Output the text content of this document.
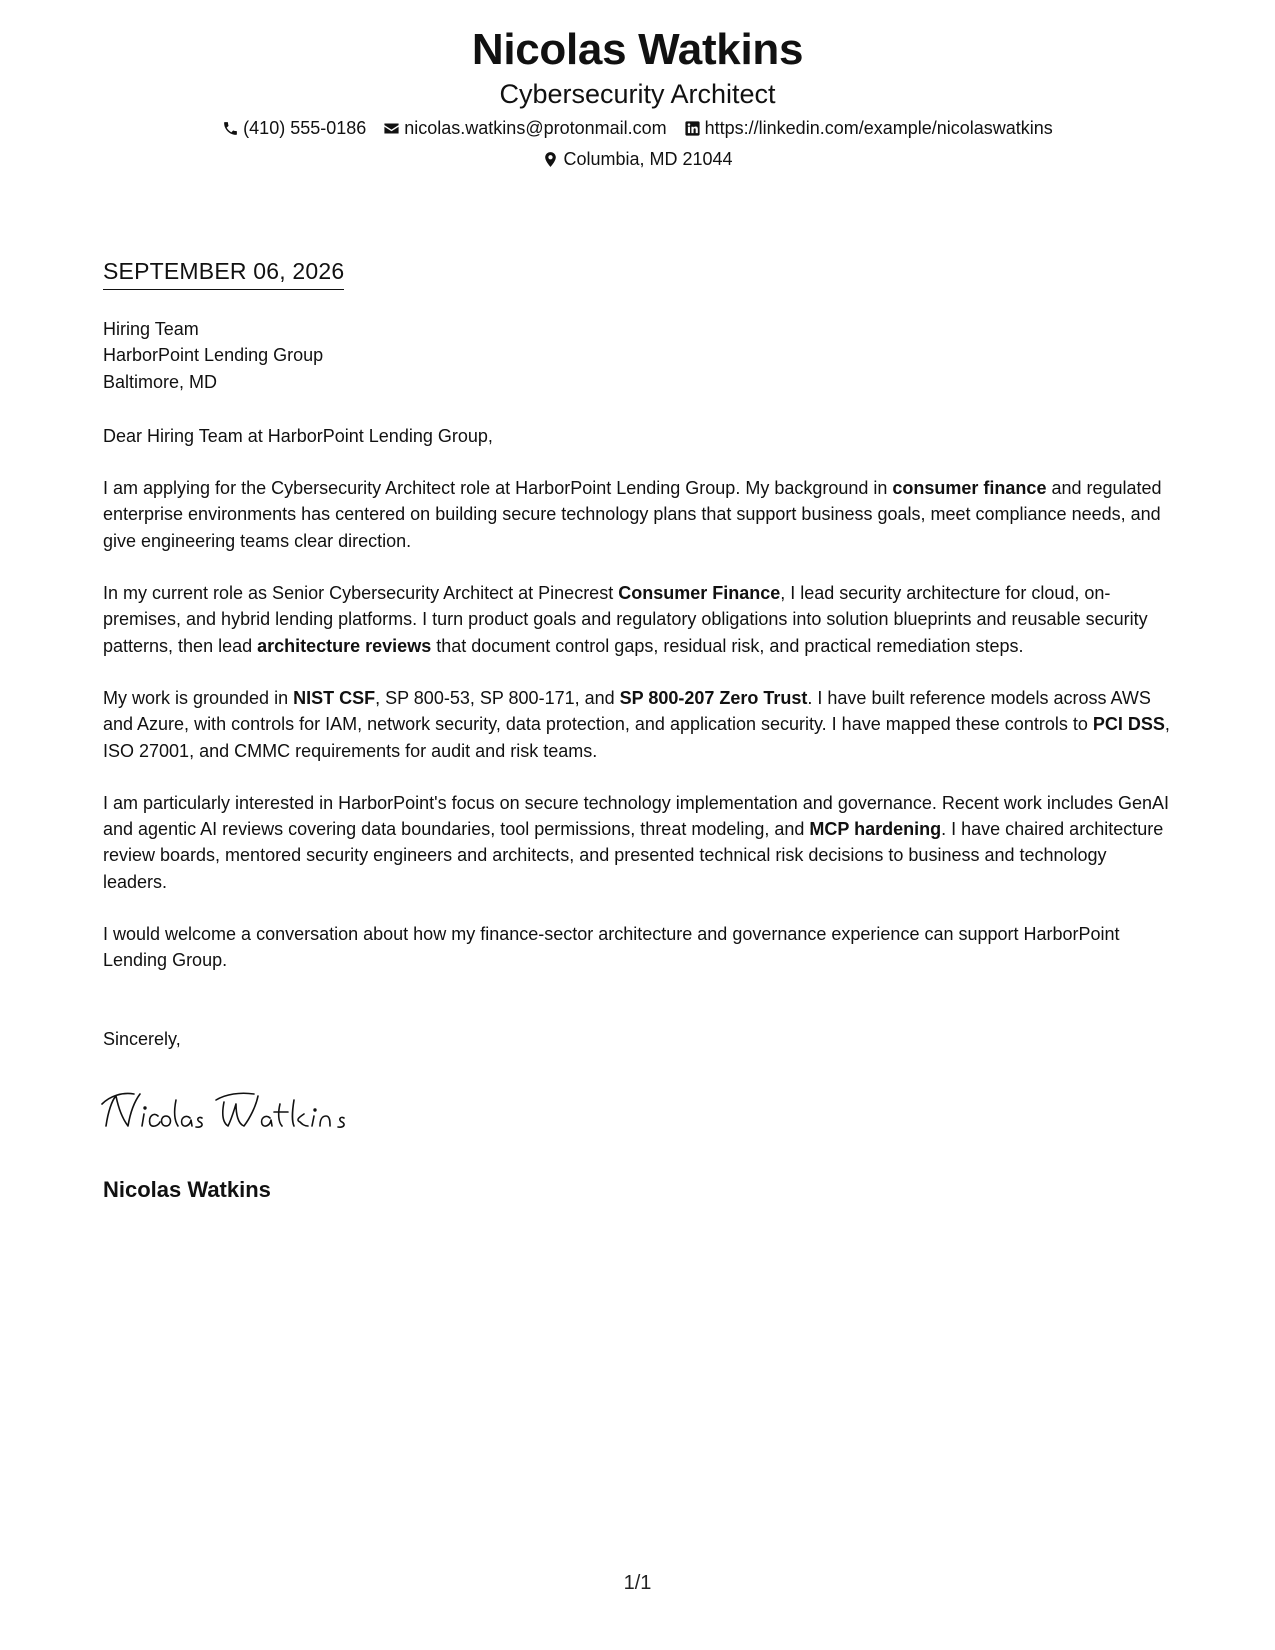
Nicolas Watkins
Cybersecurity Architect
(410) 555-0186 nicolas.watkins@protonmail.com https://linkedin.com/example/nicolaswatkins
Columbia, MD 21044
SEPTEMBER 06, 2026
Hiring Team
HarborPoint Lending Group
Baltimore, MD
Dear Hiring Team at HarborPoint Lending Group,
I am applying for the Cybersecurity Architect role at HarborPoint Lending Group. My background in consumer finance and regulated enterprise environments has centered on building secure technology plans that support business goals, meet compliance needs, and give engineering teams clear direction.
In my current role as Senior Cybersecurity Architect at Pinecrest Consumer Finance, I lead security architecture for cloud, on-premises, and hybrid lending platforms. I turn product goals and regulatory obligations into solution blueprints and reusable security patterns, then lead architecture reviews that document control gaps, residual risk, and practical remediation steps.
My work is grounded in NIST CSF, SP 800-53, SP 800-171, and SP 800-207 Zero Trust. I have built reference models across AWS and Azure, with controls for IAM, network security, data protection, and application security. I have mapped these controls to PCI DSS, ISO 27001, and CMMC requirements for audit and risk teams.
I am particularly interested in HarborPoint's focus on secure technology implementation and governance. Recent work includes GenAI and agentic AI reviews covering data boundaries, tool permissions, threat modeling, and MCP hardening. I have chaired architecture review boards, mentored security engineers and architects, and presented technical risk decisions to business and technology leaders.
I would welcome a conversation about how my finance-sector architecture and governance experience can support HarborPoint Lending Group.
Sincerely,
Nicolas Watkins
1/1
